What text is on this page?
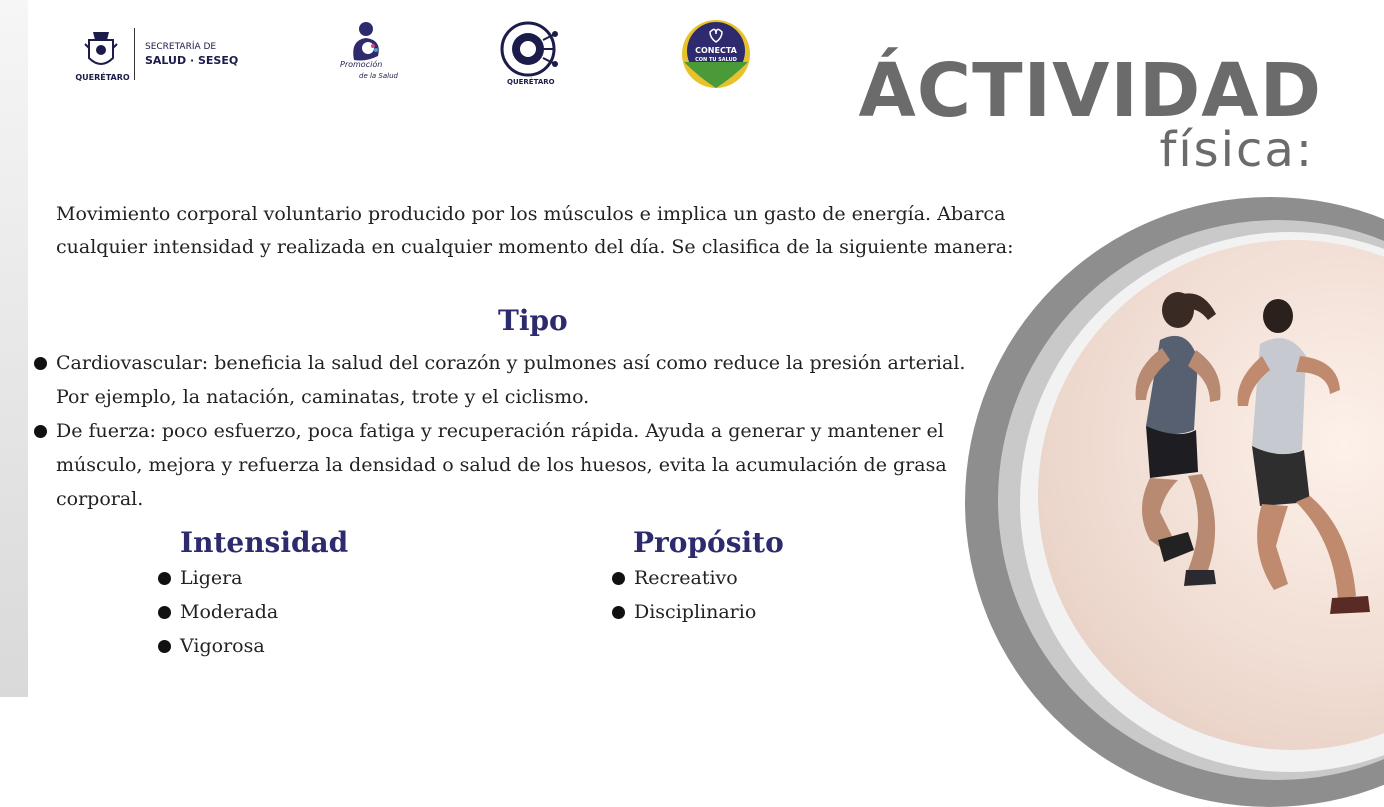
QUERÉTARO
SECRETARÍA DE
SALUD · SESEQ	Promoción
de la Salud
QUERÉTARO
CONECTA
CON TU SALUD ÁCTIVIDAD
física:
Movimiento corporal voluntario producido por los músculos e implica un gasto de energía. Abarca cualquier intensidad y realizada en cualquier momento del día. Se clasifica de la siguiente manera:
Tipo
Cardiovascular: beneficia la salud del corazón y pulmones así como reduce la presión arterial. Por ejemplo, la natación, caminatas, trote y el ciclismo.
De fuerza: poco esfuerzo, poca fatiga y recuperación rápida. Ayuda a generar y mantener el músculo, mejora y refuerza la densidad o salud de los huesos, evita la acumulación de grasa corporal.
Intensidad
Ligera
Moderada
Vigorosa
Propósito
Recreativo
Disciplinario
